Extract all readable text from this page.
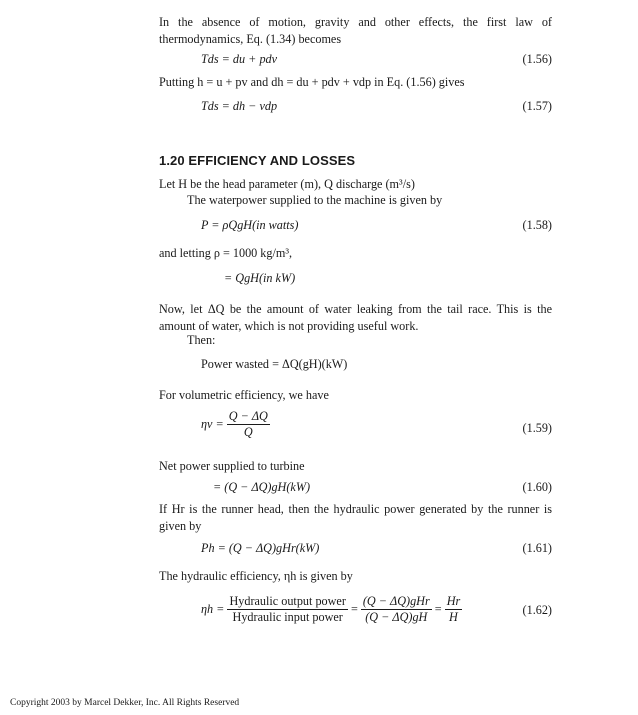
In the absence of motion, gravity and other effects, the first law of thermodynamics, Eq. (1.34) becomes
Tds = du + pdv	(1.56)
Putting h = u + pv and dh = du + pdv + vdp in Eq. (1.56) gives
Tds = dh − vdp	(1.57)
1.20 EFFICIENCY AND LOSSES
Let H be the head parameter (m), Q discharge (m³/s)
The waterpower supplied to the machine is given by
P = ρQgH(in watts)	(1.58)
and letting ρ = 1000 kg/m³,
= QgH(in kW)
Now, let ΔQ be the amount of water leaking from the tail race. This is the amount of water, which is not providing useful work.
Then:
Power wasted = ΔQ(gH)(kW)
For volumetric efficiency, we have
$\eta v = \frac{Q - \Delta Q}{Q}$	(1.59)
Net power supplied to turbine
= (Q − ΔQ)gH(kW)	(1.60)
If Hr is the runner head, then the hydraulic power generated by the runner is given by
Ph = (Q − ΔQ)gHr(kW)	(1.61)
The hydraulic efficiency, ηh is given by
$\eta h = \frac{\text{Hydraulic output power}}{\text{Hydraulic input power}} = \frac{\text{(Q − ΔQ)gHr}}{(Q - \Delta Q)gH} = \frac{Hr}{H}$	(1.62)
Copyright 2003 by Marcel Dekker, Inc. All Rights Reserved
